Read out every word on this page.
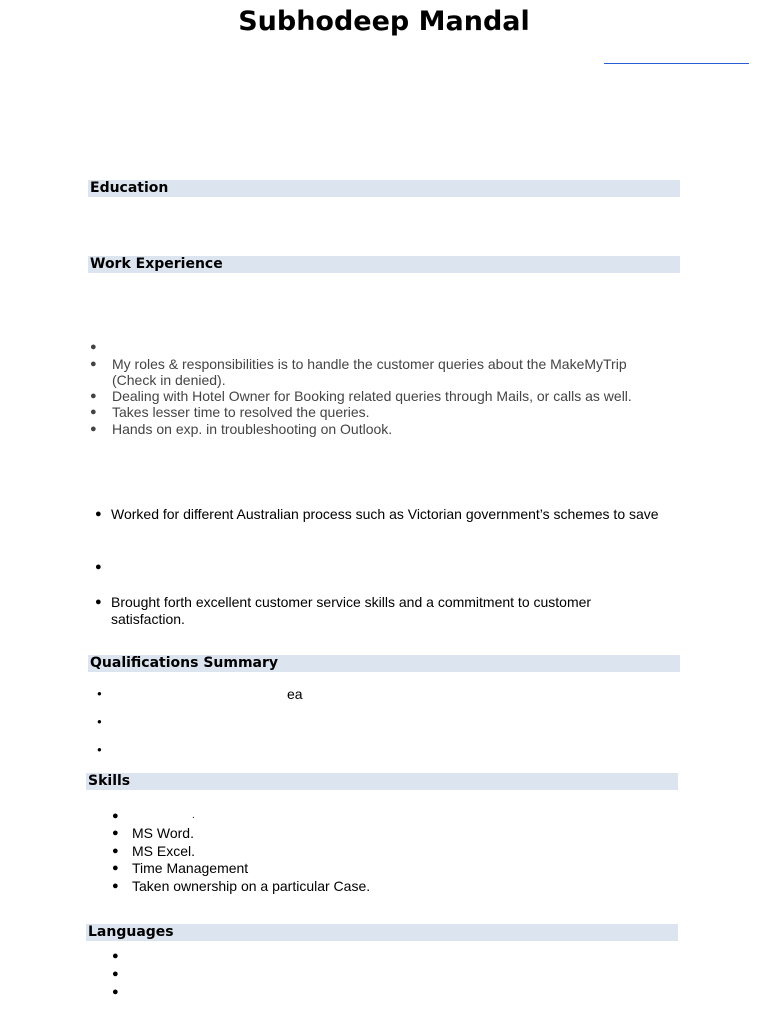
Subhodeep Mandal
Education
Work Experience
●
● My roles & responsibilities is to handle the customer queries about the MakeMyTrip
(Check in denied).
● Dealing with Hotel Owner for Booking related queries through Mails, or calls as well.
● Takes lesser time to resolved the queries.
● Hands on exp. in troubleshooting on Outlook.
● Worked for different Australian process such as Victorian government’s schemes to save
●
● Brought forth excellent customer service skills and a commitment to customer
satisfaction.
Qualifications Summary
●	ea
●
●
Skills
●	.
● MS Word.
● MS Excel.
● Time Management
● Taken ownership on a particular Case.
Languages
●
●
●
